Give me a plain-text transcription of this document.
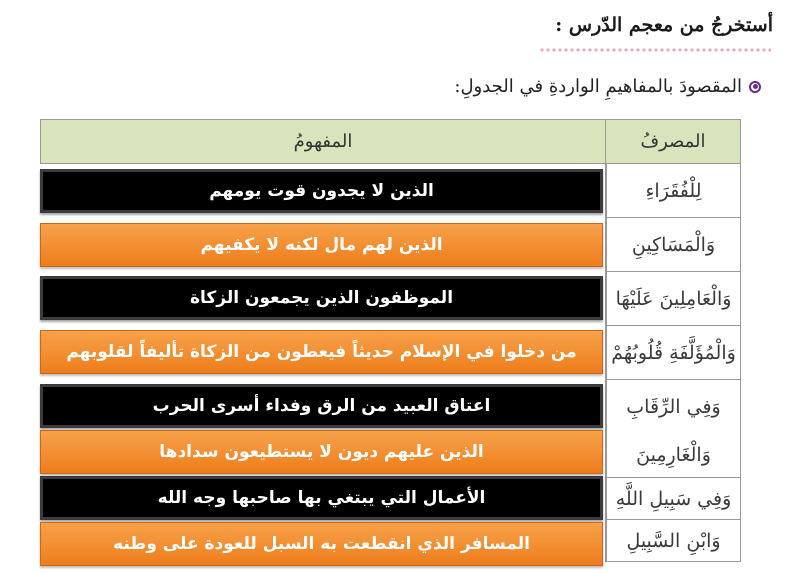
أستخرجُ من معجم الدّرس :
المقصودَ بالمفاهيمِ الواردةِ في الجدولِ:
المفهومُ	المصرفُ
لِلْفُقَرَاءِ
وَالْمَسَاكِينِ
وَالْعَامِلِينَ عَلَيْهَا
وَالْمُؤَلَّفَةِ قُلُوبُهُمْ
وَفِي الرِّقَابِ
وَالْغَارِمِينَ
وَفِي سَبِيلِ اللَّهِ
وَابْنِ السَّبِيلِ
الذين لا يجدون قوت يومهم
الذين لهم مال لكنه لا يكفيهم
الموظفون الذين يجمعون الزكاة
من دخلوا في الإسلام حديثاً فيعطون من الزكاة تأليفاً لقلوبهم
اعتاق العبيد من الرق وفداء أسرى الحرب
الذين عليهم ديون لا يستطيعون سدادها
الأعمال التي يبتغي بها صاحبها وجه الله
المسافر الذي انقطعت به السبل للعودة على وطنه
